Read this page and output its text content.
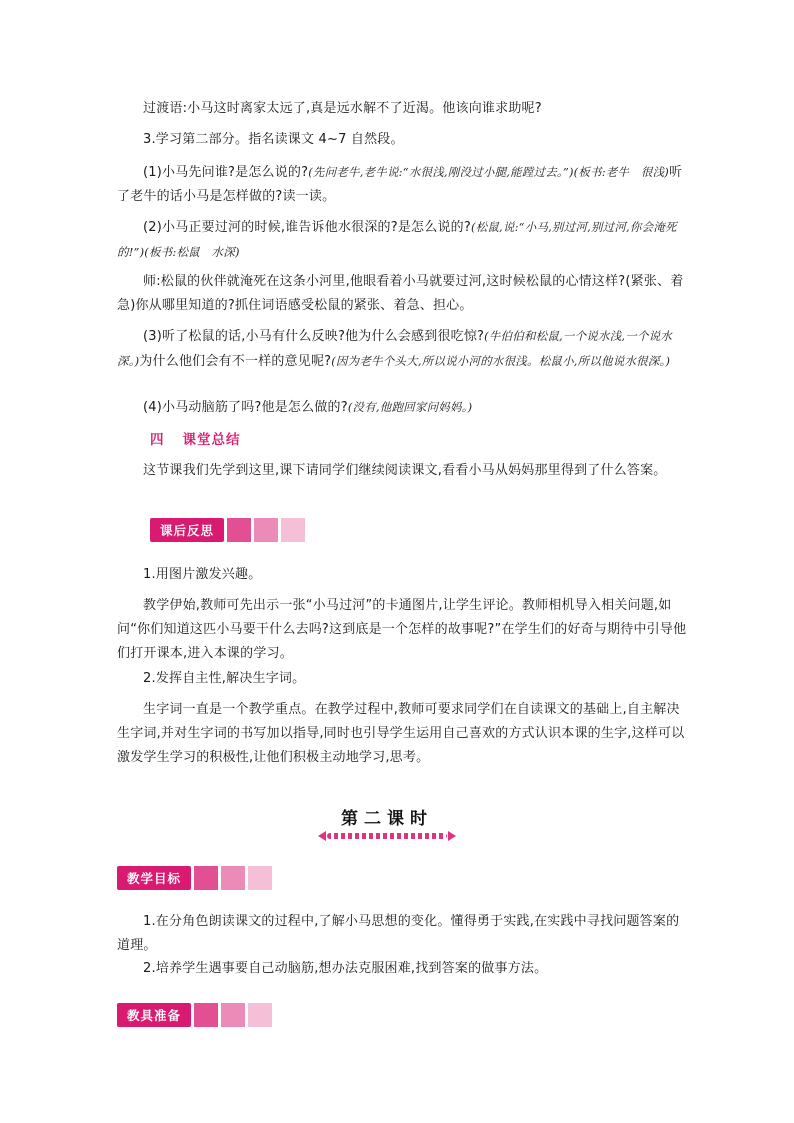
过渡语:小马这时离家太远了,真是远水解不了近渴。他该向谁求助呢?

3.学习第二部分。指名读课文 4~7 自然段。

(1)小马先问谁?是怎么说的?(先问老牛,老牛说:“水很浅,刚没过小腿,能蹚过去。”)(板书:老牛　很浅)听了老牛的话小马是怎样做的?读一读。

(2)小马正要过河的时候,谁告诉他水很深的?是怎么说的?(松鼠,说:“小马,别过河,别过河,你会淹死的!”)(板书:松鼠　水深)

师:松鼠的伙伴就淹死在这条小河里,他眼看着小马就要过河,这时候松鼠的心情这样?(紧张、着急)你从哪里知道的?抓住词语感受松鼠的紧张、着急、担心。

(3)听了松鼠的话,小马有什么反映?他为什么会感到很吃惊?(牛伯伯和松鼠,一个说水浅,一个说水深。)为什么他们会有不一样的意见呢?(因为老牛个头大,所以说小河的水很浅。松鼠小,所以他说水很深。)

(4)小马动脑筋了吗?他是怎么做的?(没有,他跑回家问妈妈。)

四 课堂总结

这节课我们先学到这里,课下请同学们继续阅读课文,看看小马从妈妈那里得到了什么答案。

课后反思

1.用图片激发兴趣。

教学伊始,教师可先出示一张“小马过河”的卡通图片,让学生评论。教师相机导入相关问题,如问“你们知道这匹小马要干什么去吗?这到底是一个怎样的故事呢?”在学生们的好奇与期待中引导他们打开课本,进入本课的学习。

2.发挥自主性,解决生字词。

生字词一直是一个教学重点。在教学过程中,教师可要求同学们在自读课文的基础上,自主解决生字词,并对生字词的书写加以指导,同时也引导学生运用自己喜欢的方式认识本课的生字,这样可以激发学生学习的积极性,让他们积极主动地学习,思考。

第二课时
教学目标

1.在分角色朗读课文的过程中,了解小马思想的变化。懂得勇于实践,在实践中寻找问题答案的道理。

2.培养学生遇事要自己动脑筋,想办法克服困难,找到答案的做事方法。

教具准备
